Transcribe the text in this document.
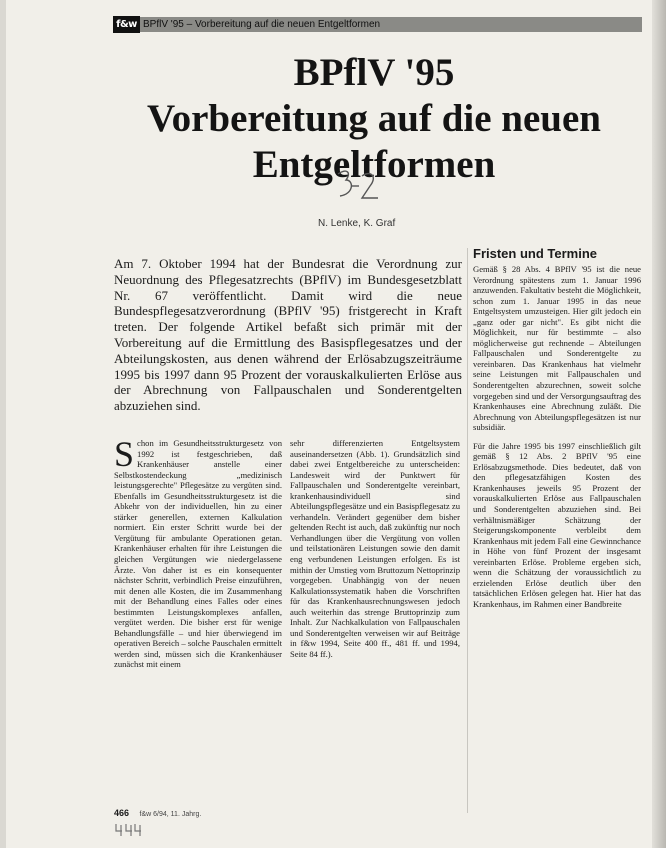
f&w BPflV '95 – Vorbereitung auf die neuen Entgeltformen
BPflV '95
Vorbereitung auf die neuen
Entgeltformen
N. Lenke, K. Graf
Am 7. Oktober 1994 hat der Bundesrat die Verordnung zur Neuordnung des Pflegesatzrechts (BPflV) im Bundesgesetzblatt Nr. 67 veröffentlicht. Damit wird die neue Bundespflegesatzverordnung (BPflV '95) fristgerecht in Kraft treten. Der folgende Artikel befaßt sich primär mit der Vorbereitung auf die Ermittlung des Basispflegesatzes und der Abteilungskosten, aus denen während der Erlösabzugszeiträume 1995 bis 1997 dann 95 Prozent der vorauskalkulierten Erlöse aus der Abrechnung von Fallpauschalen und Sonderentgelten abzuziehen sind.
Schon im Gesundheitsstrukturgesetz von 1992 ist festgeschrieben, daß Krankenhäuser anstelle einer Selbstkostendeckung „medizinisch leistungsgerechte" Pflegesätze zu vergüten sind. Ebenfalls im Gesundheitsstrukturgesetz ist die Abkehr von der individuellen, hin zu einer stärker generellen, externen Kalkulation normiert. Ein erster Schritt wurde bei der Vergütung für ambulante Operationen getan. Krankenhäuser erhalten für ihre Leistungen die gleichen Vergütungen wie niedergelassene Ärzte. Von daher ist es ein konsequenter nächster Schritt, verbindlich Preise einzuführen, mit denen alle Kosten, die im Zusammenhang mit der Behandlung eines Falles oder eines bestimmten Leistungskomplexes anfallen, vergütet werden. Die bisher erst für wenige Behandlungsfälle – und hier überwiegend im operativen Bereich – solche Pauschalen ermittelt werden sind, müssen sich die Krankenhäuser zunächst mit einem
sehr differenzierten Entgeltsystem auseinandersetzen (Abb. 1). Grundsätzlich sind dabei zwei Entgeltbereiche zu unterscheiden: Landesweit wird der Punktwert für Fallpauschalen und Sonderentgelte vereinbart, krankenhausindividuell sind Abteilungspflegesätze und ein Basispflegesatz zu verhandeln. Verändert gegenüber dem bisher geltenden Recht ist auch, daß zukünftig nur noch Verhandlungen über die Vergütung von vollen und teilstationären Leistungen sowie den damit eng verbundenen Leistungen erfolgen. Es ist mithin der Umstieg vom Bruttozum Nettoprinzip vorgegeben. Unabhängig von der neuen Kalkulationssystematik haben die Vorschriften für das Krankenhausrechnungswesen jedoch auch weiterhin das strenge Bruttoprinzip zum Inhalt. Zur Nachkalkulation von Fallpauschalen und Sonderentgelten verweisen wir auf Beiträge in f&w 1994, Seite 400 ff., 481 ff. und 1994, Seite 84 ff.).
Fristen und Termine

Gemäß § 28 Abs. 4 BPflV '95 ist die neue Verordnung spätestens zum 1. Januar 1996 anzuwenden. Fakultativ besteht die Möglichkeit, schon zum 1. Januar 1995 in das neue Entgeltsystem umzusteigen. Hier gilt jedoch ein „ganz oder gar nicht". Es gibt nicht die Möglichkeit, nur für bestimmte – also möglicherweise gut rechnende – Abteilungen Fallpauschalen und Sonderentgelte zu vereinbaren. Das Krankenhaus hat vielmehr seine Leistungen mit Fallpauschalen und Sonderentgelten abzurechnen, soweit solche vorgegeben sind und der Versorgungsauftrag des Krankenhauses eine Abrechnung zuläßt. Die Abrechnung von Abteilungspflegesätzen ist nur subsidiär.

Für die Jahre 1995 bis 1997 einschließlich gilt gemäß § 12 Abs. 2 BPflV '95 eine Erlösabzugsmethode. Dies bedeutet, daß von den pflegesatzfähigen Kosten des Krankenhauses jeweils 95 Prozent der vorauskalkulierten Erlöse aus Fallpauschalen und Sonderentgelten abzuziehen sind. Bei verhältnismäßiger Schätzung der Steigerungskomponente verbleibt dem Krankenhaus mit jedem Fall eine Gewinnchance in Höhe von fünf Prozent der insgesamt vereinbarten Erlöse. Probleme ergeben sich, wenn die Schätzung der voraussichtlich zu erzielenden Erlöse deutlich über den tatsächlichen Erlösen gelegen hat. Hier hat das Krankenhaus, im Rahmen einer Bandbreite

466 f&w 6/94, 11. Jahrg.
